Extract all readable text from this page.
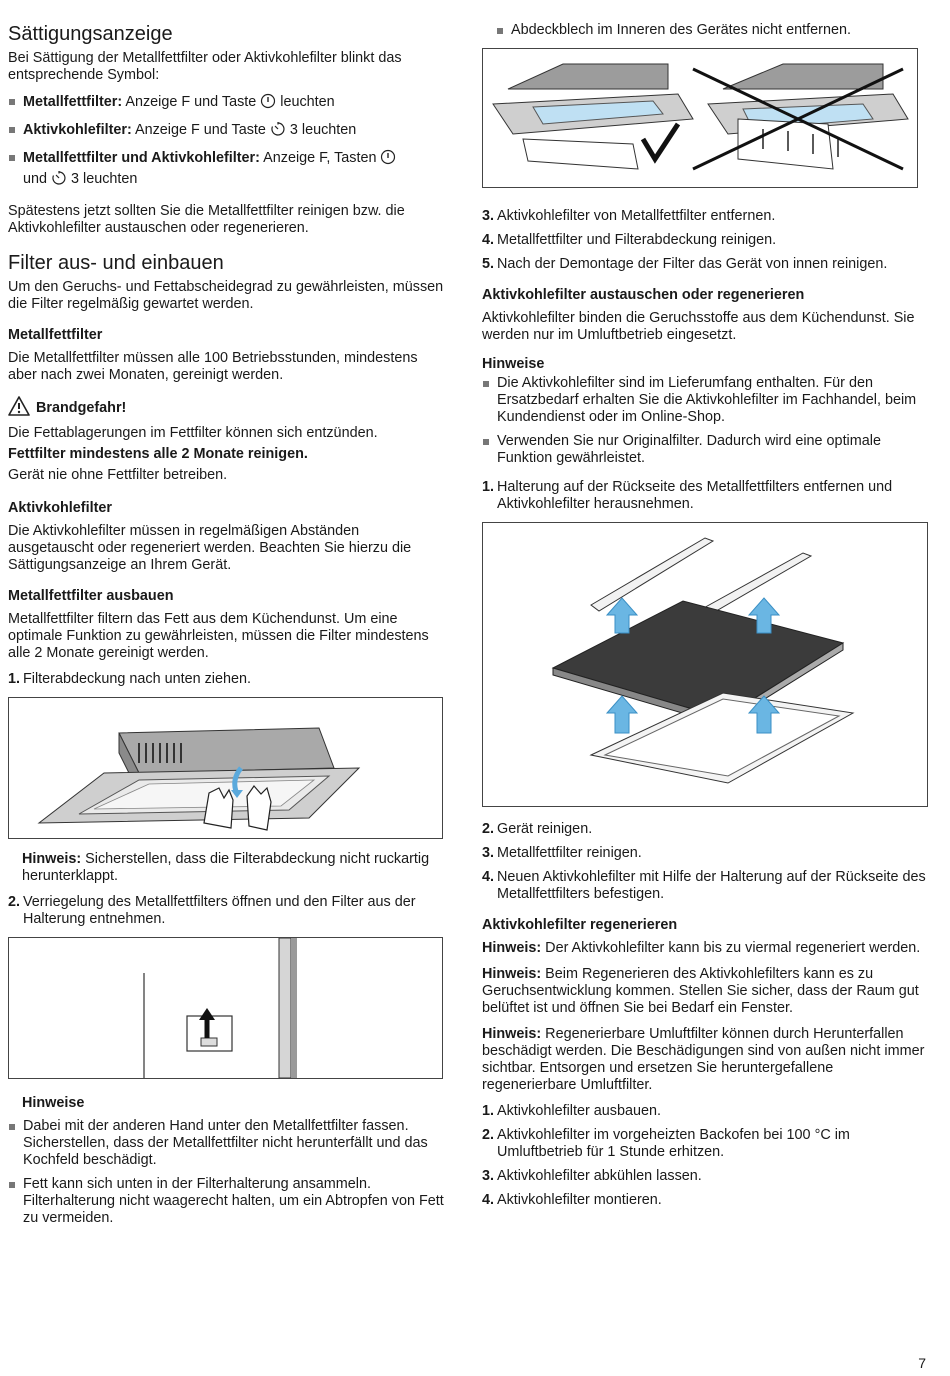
Sättigungsanzeige

Bei Sättigung der Metallfettfilter oder Aktivkohlefilter blinkt das entsprechende Symbol:

Metallfettfilter: Anzeige F und Taste  leuchten
Aktivkohlefilter: Anzeige F und Taste  3 leuchten
Metallfettfilter und Aktivkohlefilter: Anzeige F, Tasten
und  3 leuchten

Spätestens jetzt sollten Sie die Metallfettfilter reinigen bzw. die Aktivkohlefilter austauschen oder regenerieren.

Filter aus- und einbauen

Um den Geruchs- und Fettabscheidegrad zu gewährleisten, müssen die Filter regelmäßig gewartet werden.

Metallfettfilter

Die Metallfettfilter müssen alle 100 Betriebsstunden, mindestens aber nach zwei Monaten, gereinigt werden.

Brandgefahr!

Die Fettablagerungen im Fettfilter können sich entzünden.

Fettfilter mindestens alle 2 Monate reinigen.

Gerät nie ohne Fettfilter betreiben.

Aktivkohlefilter

Die Aktivkohlefilter müssen in regelmäßigen Abständen ausgetauscht oder regeneriert werden. Beachten Sie hierzu die Sättigungsanzeige an Ihrem Gerät.

Metallfettfilter ausbauen

Metallfettfilter filtern das Fett aus dem Küchendunst. Um eine optimale Funktion zu gewährleisten, müssen die Filter mindestens alle 2 Monate gereinigt werden.

1. Filterabdeckung nach unten ziehen.

Hinweis: Sicherstellen, dass die Filterabdeckung nicht ruckartig herunterklappt.

2. Verriegelung des Metallfettfilters öffnen und den Filter aus der Halterung entnehmen.
Hinweise
Dabei mit der anderen Hand unter den Metallfettfilter fassen. Sicherstellen, dass der Metallfettfilter nicht herunterfällt und das Kochfeld beschädigt.
Fett kann sich unten in der Filterhalterung ansammeln. Filterhalterung nicht waagerecht halten, um ein Abtropfen von Fett zu vermeiden.
Abdeckblech im Inneren des Gerätes nicht entfernen.
3. Aktivkohlefilter von Metallfettfilter entfernen.
4. Metallfettfilter und Filterabdeckung reinigen.
5. Nach der Demontage der Filter das Gerät von innen reinigen.
Aktivkohlefilter austauschen oder regenerieren

Aktivkohlefilter binden die Geruchsstoffe aus dem Küchendunst. Sie werden nur im Umluftbetrieb eingesetzt.

Hinweise
Die Aktivkohlefilter sind im Lieferumfang enthalten. Für den Ersatzbedarf erhalten Sie die Aktivkohlefilter im Fachhandel, beim Kundendienst oder im Online-Shop.
Verwenden Sie nur Originalfilter. Dadurch wird eine optimale Funktion gewährleistet.
1. Halterung auf der Rückseite des Metallfettfilters entfernen und Aktivkohlefilter herausnehmen.
2. Gerät reinigen.
3. Metallfettfilter reinigen.
4. Neuen Aktivkohlefilter mit Hilfe der Halterung auf der Rückseite des Metallfettfilters befestigen.
Aktivkohlefilter regenerieren

Hinweis: Der Aktivkohlefilter kann bis zu viermal regeneriert werden.

Hinweis: Beim Regenerieren des Aktivkohlefilters kann es zu Geruchsentwicklung kommen. Stellen Sie sicher, dass der Raum gut belüftet ist und öffnen Sie bei Bedarf ein Fenster.

Hinweis: Regenerierbare Umluftfilter können durch Herunterfallen beschädigt werden. Die Beschädigungen sind von außen nicht immer sichtbar. Entsorgen und ersetzen Sie heruntergefallene regenerierbare Umluftfilter.

1. Aktivkohlefilter ausbauen.
2. Aktivkohlefilter im vorgeheizten Backofen bei 100 °C im Umluftbetrieb für 1 Stunde erhitzen.
3. Aktivkohlefilter abkühlen lassen.
4. Aktivkohlefilter montieren.
7
